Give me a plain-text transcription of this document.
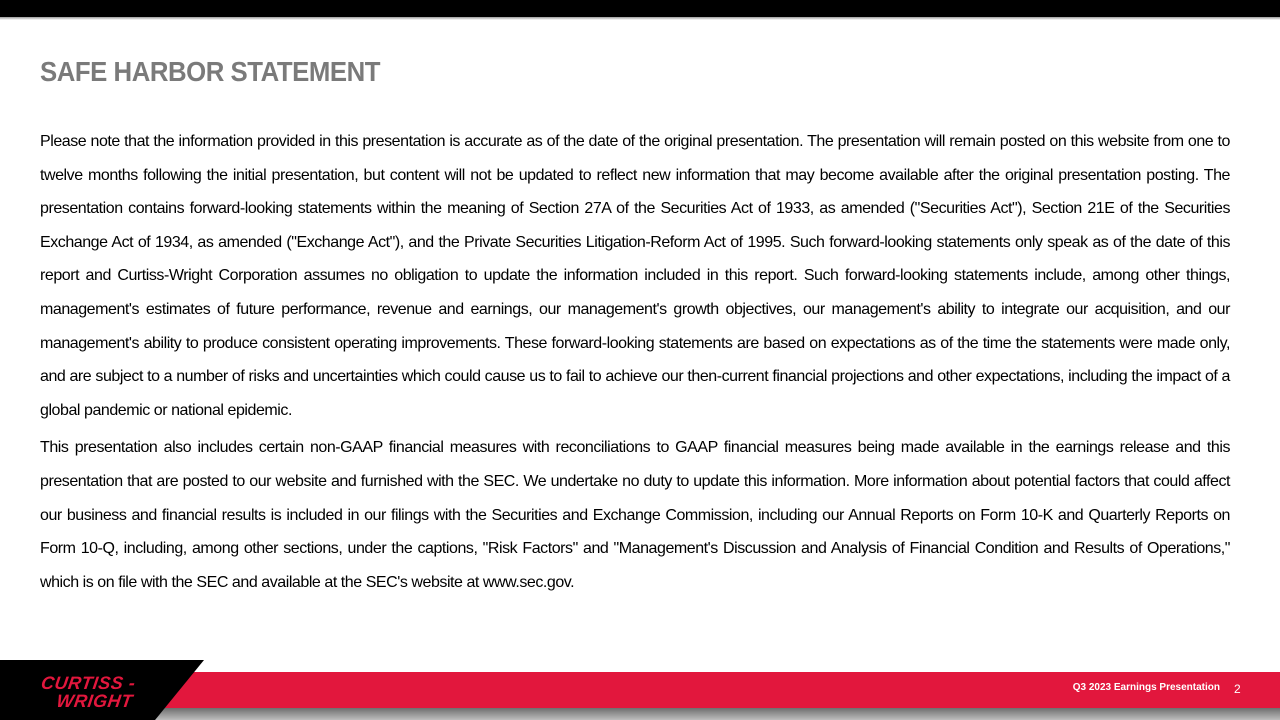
SAFE HARBOR STATEMENT

Please note that the information provided in this presentation is accurate as of the date of the original presentation. The presentation will remain posted on this website from one to twelve months following the initial presentation, but content will not be updated to reflect new information that may become available after the original presentation posting. The presentation contains forward-looking statements within the meaning of Section 27A of the Securities Act of 1933, as amended ("Securities Act"), Section 21E of the Securities Exchange Act of 1934, as amended ("Exchange Act"), and the Private Securities Litigation-Reform Act of 1995. Such forward-looking statements only speak as of the date of this report and Curtiss-Wright Corporation assumes no obligation to update the information included in this report. Such forward-looking statements include, among other things, management's estimates of future performance, revenue and earnings, our management's growth objectives, our management's ability to integrate our acquisition, and our management's ability to produce consistent operating improvements. These forward-looking statements are based on expectations as of the time the statements were made only, and are subject to a number of risks and uncertainties which could cause us to fail to achieve our then-current financial projections and other expectations, including the impact of a global pandemic or national epidemic.

This presentation also includes certain non-GAAP financial measures with reconciliations to GAAP financial measures being made available in the earnings release and this presentation that are posted to our website and furnished with the SEC. We undertake no duty to update this information. More information about potential factors that could affect our business and financial results is included in our filings with the Securities and Exchange Commission, including our Annual Reports on Form 10-K and Quarterly Reports on Form 10-Q, including, among other sections, under the captions, "Risk Factors" and "Management's Discussion and Analysis of Financial Condition and Results of Operations," which is on file with the SEC and available at the SEC's website at www.sec.gov.

CURTISS -
WRIGHT
Q3 2023 Earnings Presentation 2
